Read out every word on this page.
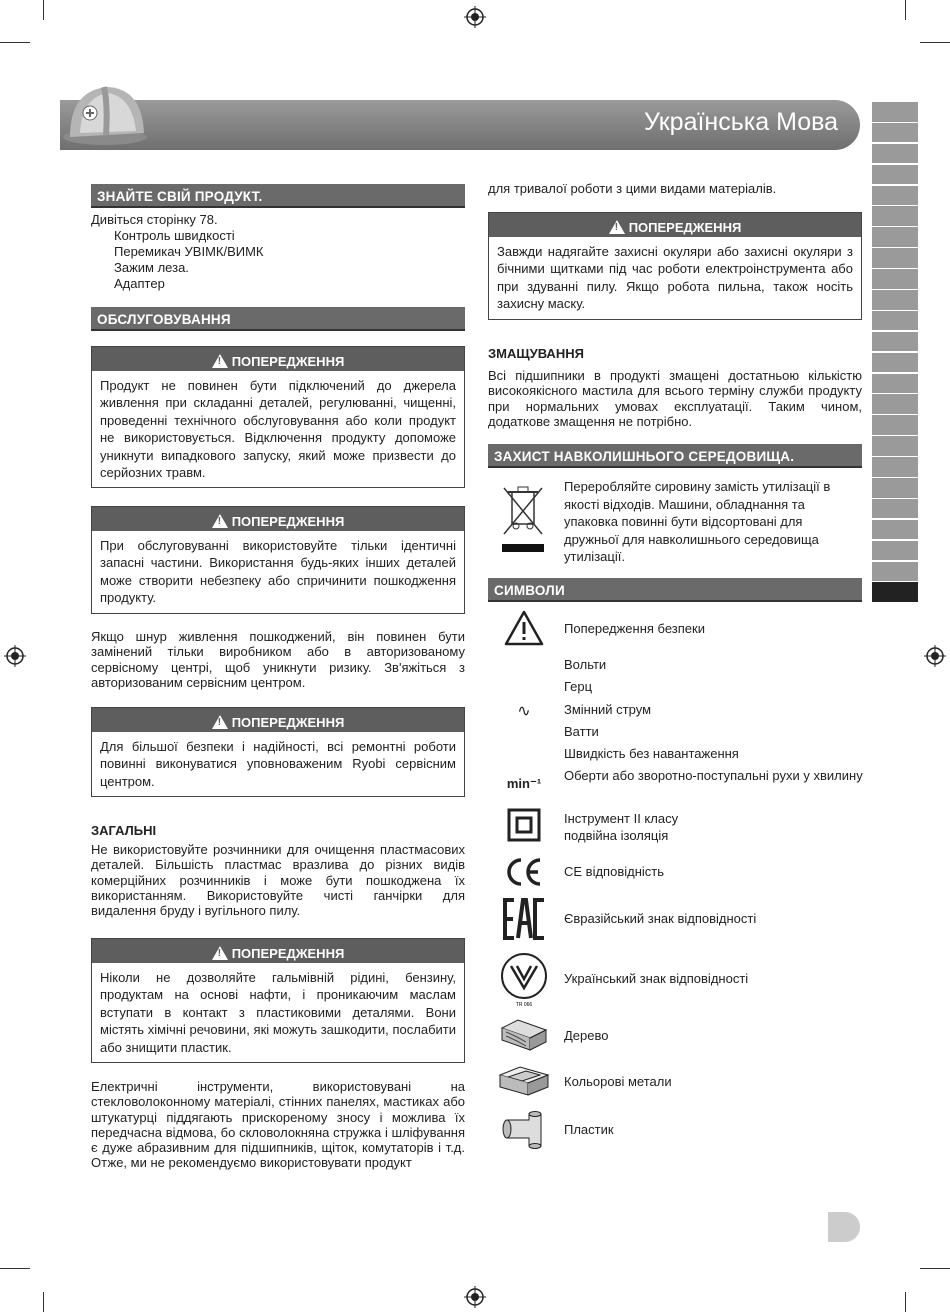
Українська Мова
ЗНАЙТЕ СВІЙ ПРОДУКТ.
Дивіться сторінку 78.
Контроль швидкості
Перемикач УВІМК/ВИМК
Зажим леза.
Адаптер
ОБСЛУГОВУВАННЯ
!ПОПЕРЕДЖЕННЯ
Продукт не повинен бути підключений до джерела живлення при складанні деталей, регулюванні, чищенні, проведенні технічного обслуговування або коли продукт не використовується. Відключення продукту допоможе уникнути випадкового запуску, який може призвести до серйозних травм.
!ПОПЕРЕДЖЕННЯ
При обслуговуванні використовуйте тільки ідентичні запасні частини. Використання будь-яких інших деталей може створити небезпеку або спричинити пошкодження продукту.
Якщо шнур живлення пошкоджений, він повинен бути замінений тільки виробником або в авторизованому сервісному центрі, щоб уникнути ризику. Зв'яжіться з авторизованим сервісним центром.
!ПОПЕРЕДЖЕННЯ
Для більшої безпеки і надійності, всі ремонтні роботи повинні виконуватися уповноваженим Ryobi сервісним центром.
ЗАГАЛЬНІ
Не використовуйте розчинники для очищення пластмасових деталей. Більшість пластмас вразлива до різних видів комерційних розчинників і може бути пошкоджена їх використанням. Використовуйте чисті ганчірки для видалення бруду і вугільного пилу.
!ПОПЕРЕДЖЕННЯ
Ніколи не дозволяйте гальмівній рідині, бензину, продуктам на основі нафти, і проникаючим маслам вступати в контакт з пластиковими деталями. Вони містять хімічні речовини, які можуть зашкодити, послабити або знищити пластик.
Електричні інструменти, використовувані на стекловолоконному матеріалі, стінних панелях, мастиках або штукатурці піддягають прискореному зносу і можлива їх передчасна відмова, бо скловолокняна стружка і шліфування є дуже абразивним для підшипників, щіток, комутаторів і т.д. Отже, ми не рекомендуємо використовувати продукт
для тривалої роботи з цими видами матеріалів.
!ПОПЕРЕДЖЕННЯ
Завжди надягайте захисні окуляри або захисні окуляри з бічними щитками під час роботи електроінструмента або при здуванні пилу. Якщо робота пильна, також носіть захисну маску.
ЗМАЩУВАННЯ
Всі підшипники в продукті змащені достатньою кількістю високоякісного мастила для всього терміну служби продукту при нормальних умовах експлуатації. Таким чином, додаткове змащення не потрібно.
ЗАХИСТ НАВКОЛИШНЬОГО СЕРЕДОВИЩА.
Переробляйте сировину замість утилізації в якості відходів. Машини, обладнання та упаковка повинні бути відсортовані для дружньої для навколишнього середовища утилізації.
СИМВОЛИ
Попередження безпеки
Вольти
Герц
∿	Змінний струм
Ватти
Швидкість без навантаження
min⁻¹
Оберти або зворотно-поступальні рухи у хвилину
Інструмент II класу
подвійна ізоляція
CE відповідність
Євразійський знак відповідності
TR 066
Український знак відповідності
Дерево
Кольорові метали
Пластик
